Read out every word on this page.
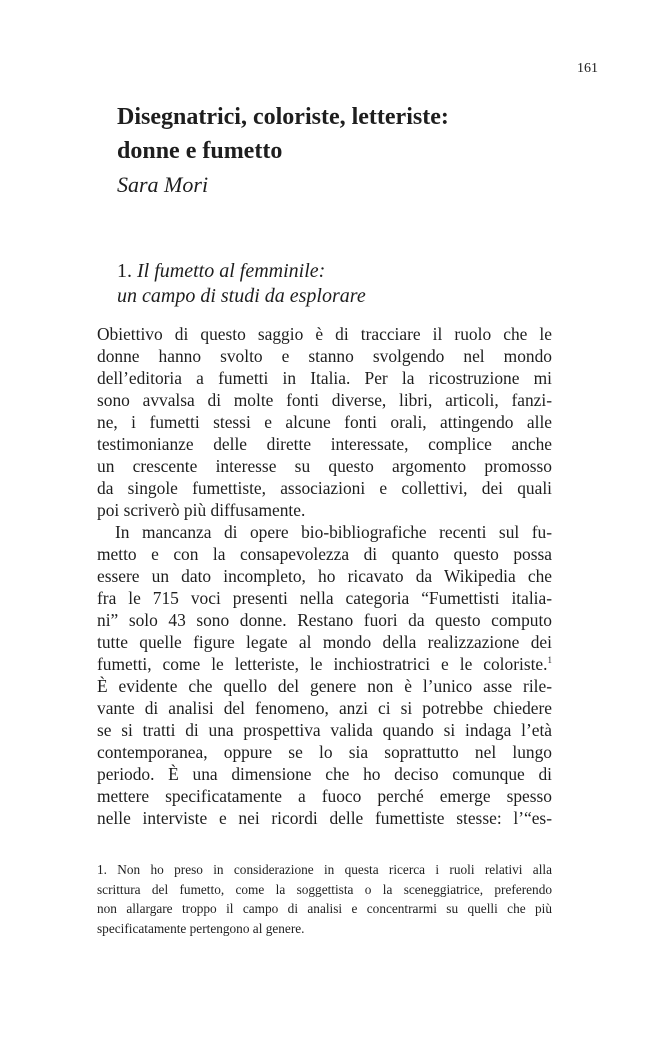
161
Disegnatrici, coloriste, letteriste:
donne e fumetto
Sara Mori
1. Il fumetto al femminile:
un campo di studi da esplorare
Obiettivo di questo saggio è di tracciare il ruolo che le
donne hanno svolto e stanno svolgendo nel mondo
dell’editoria a fumetti in Italia. Per la ricostruzione mi
sono avvalsa di molte fonti diverse, libri, articoli, fanzi-
ne, i fumetti stessi e alcune fonti orali, attingendo alle
testimonianze delle dirette interessate, complice anche
un crescente interesse su questo argomento promosso
da singole fumettiste, associazioni e collettivi, dei quali
poi scriverò più diffusamente.
In mancanza di opere bio-bibliografiche recenti sul fu-
metto e con la consapevolezza di quanto questo possa
essere un dato incompleto, ho ricavato da Wikipedia che
fra le 715 voci presenti nella categoria “Fumettisti italia-
ni” solo 43 sono donne. Restano fuori da questo computo
tutte quelle figure legate al mondo della realizzazione dei
fumetti, come le letteriste, le inchiostratrici e le coloriste.$^1$
È evidente che quello del genere non è l’unico asse rile-
vante di analisi del fenomeno, anzi ci si potrebbe chiedere
se si tratti di una prospettiva valida quando si indaga l’età
contemporanea, oppure se lo sia soprattutto nel lungo
periodo. È una dimensione che ho deciso comunque di
mettere specificatamente a fuoco perché emerge spesso
nelle interviste e nei ricordi delle fumettiste stesse: l’“es-
1. Non ho preso in considerazione in questa ricerca i ruoli relativi alla
scrittura del fumetto, come la soggettista o la sceneggiatrice, preferendo
non allargare troppo il campo di analisi e concentrarmi su quelli che più
specificatamente pertengono al genere.
